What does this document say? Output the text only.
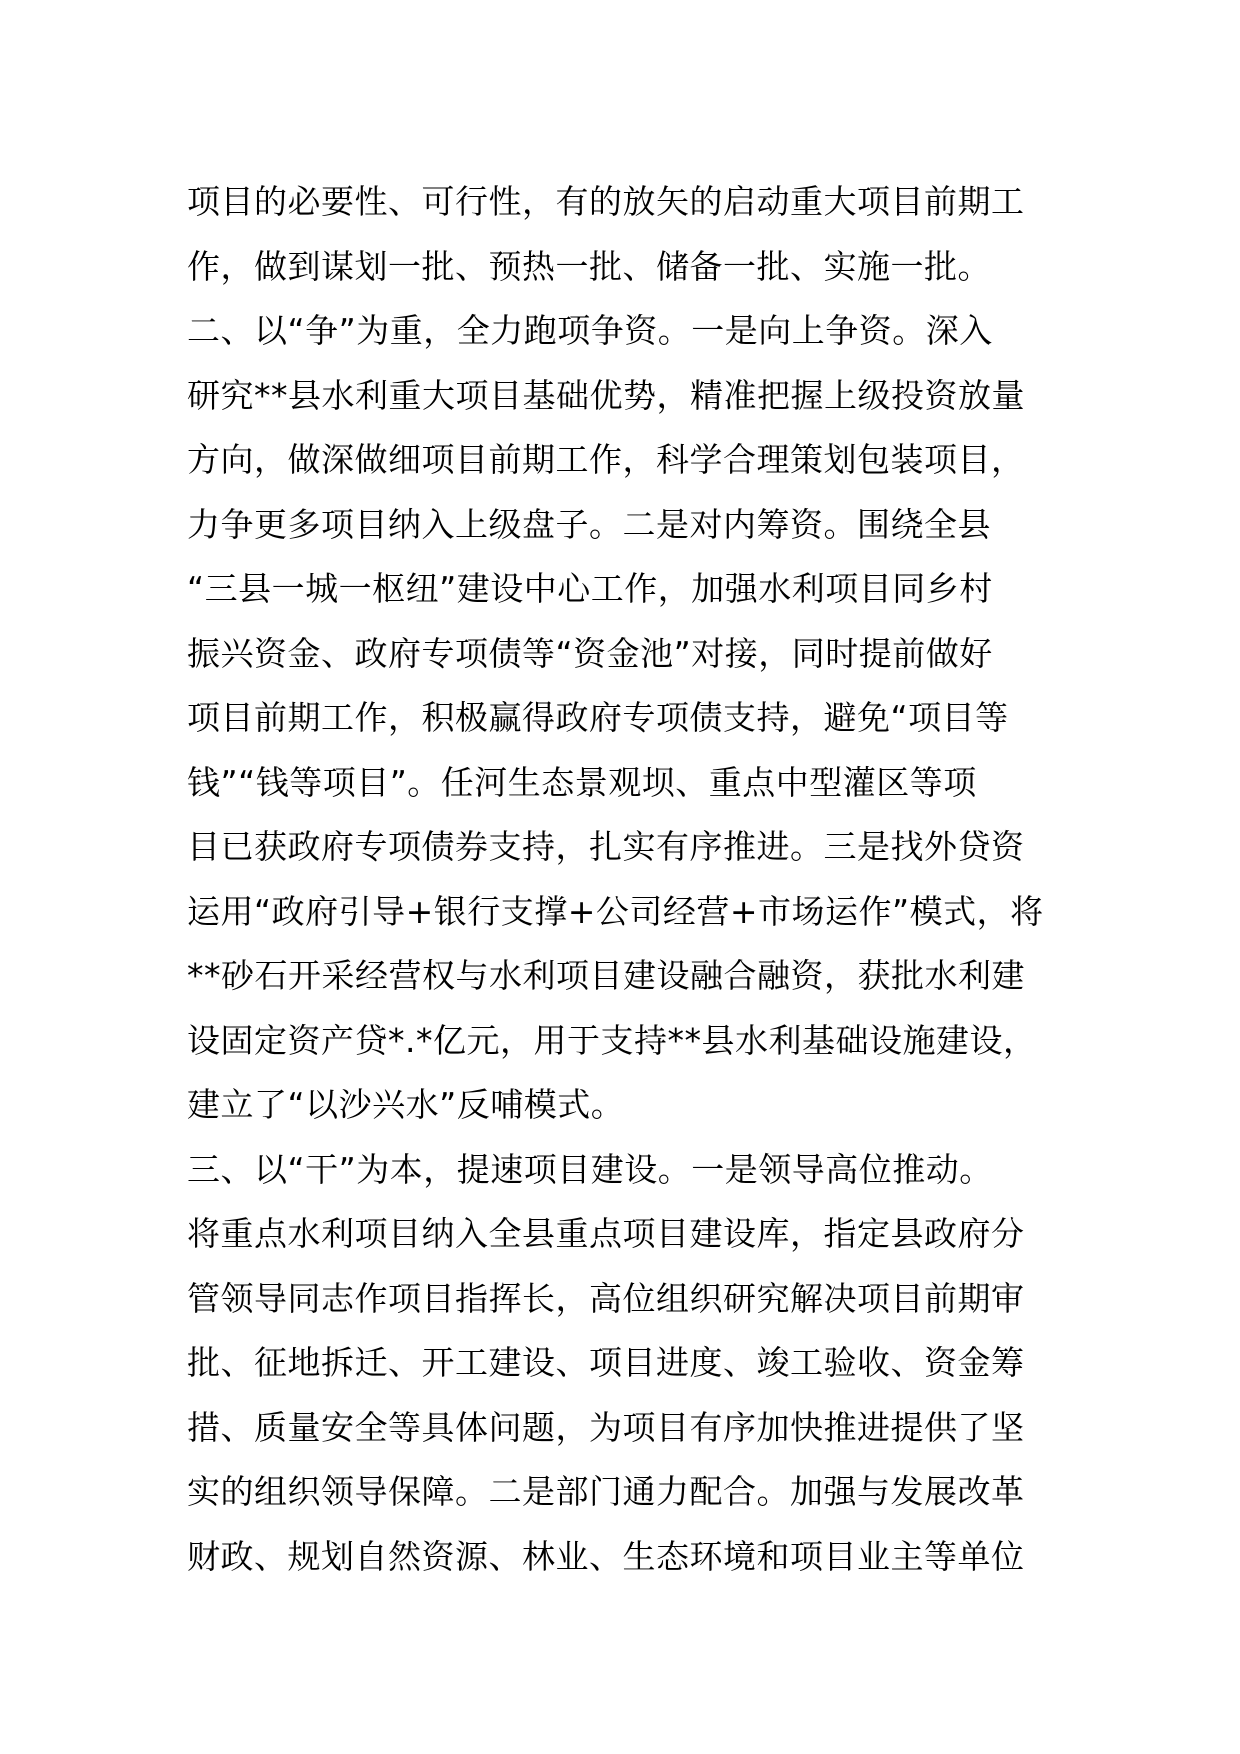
项目的必要性、可行性，有的放矢的启动重大项目前期工
作，做到谋划一批、预热一批、储备一批、实施一批。
二、以“争”为重，全力跑项争资。一是向上争资。深入
研究**县水利重大项目基础优势，精准把握上级投资放量
方向，做深做细项目前期工作，科学合理策划包装项目，
力争更多项目纳入上级盘子。二是对内筹资。围绕全县
“三县一城一枢纽”建设中心工作，加强水利项目同乡村
振兴资金、政府专项债等“资金池”对接，同时提前做好
项目前期工作，积极赢得政府专项债支持，避免“项目等
钱”“钱等项目”。任河生态景观坝、重点中型灌区等项
目已获政府专项债券支持，扎实有序推进。三是找外贷资
运用“政府引导+银行支撑+公司经营+市场运作”模式，将
**砂石开采经营权与水利项目建设融合融资，获批水利建
设固定资产贷*.*亿元，用于支持**县水利基础设施建设，
建立了“以沙兴水”反哺模式。
三、以“干”为本，提速项目建设。一是领导高位推动。
将重点水利项目纳入全县重点项目建设库，指定县政府分
管领导同志作项目指挥长，高位组织研究解决项目前期审
批、征地拆迁、开工建设、项目进度、竣工验收、资金筹
措、质量安全等具体问题，为项目有序加快推进提供了坚
实的组织领导保障。二是部门通力配合。加强与发展改革
财政、规划自然资源、林业、生态环境和项目业主等单位
